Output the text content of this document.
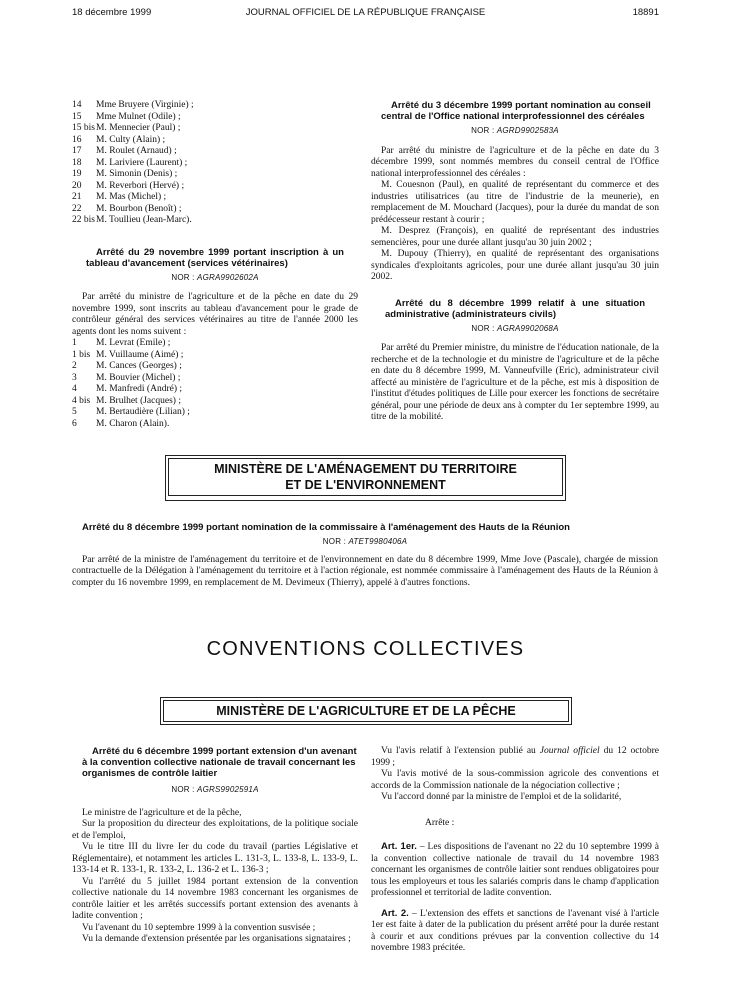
18 décembre 1999	JOURNAL OFFICIEL DE LA RÉPUBLIQUE FRANÇAISE	18891
14 Mme Bruyere (Virginie) ;
15 Mme Mulnet (Odile) ;
15 bisM. Mennecier (Paul) ;
16 M. Culty (Alain) ;
17 M. Roulet (Arnaud) ;
18 M. Lariviere (Laurent) ;
19 M. Simonin (Denis) ;
20 M. Reverbori (Hervé) ;
21 M. Mas (Michel) ;
22 M. Bourbon (Benoît) ;
22 bisM. Toullieu (Jean-Marc).

Arrêté du 29 novembre 1999 portant inscription à un tableau d'avancement (services vétérinaires)

NOR : AGRA9902602A

Par arrêté du ministre de l'agriculture et de la pêche en date du 29 novembre 1999, sont inscrits au tableau d'avancement pour le grade de contrôleur général des services vétérinaires au titre de l'année 2000 les agents dont les noms suivent :

1 M. Levrat (Emile) ;
1 bis M. Vuillaume (Aimé) ;
2 M. Cances (Georges) ;
3 M. Bouvier (Michel) ;
4 M. Manfredi (André) ;
4 bis M. Brulhet (Jacques) ;
5 M. Bertaudière (Lilian) ;
6 M. Charon (Alain).

Arrêté du 3 décembre 1999 portant nomination au conseil central de l'Office national interprofessionnel des céréales

NOR : AGRD9902583A

Par arrêté du ministre de l'agriculture et de la pêche en date du 3 décembre 1999, sont nommés membres du conseil central de l'Office national interprofessionnel des céréales :

M. Couesnon (Paul), en qualité de représentant du commerce et des industries utilisatrices (au titre de l'industrie de la meunerie), en remplacement de M. Mouchard (Jacques), pour la durée du mandat de son prédécesseur restant à courir ;

M. Desprez (François), en qualité de représentant des industries semencières, pour une durée allant jusqu'au 30 juin 2002 ;

M. Dupouy (Thierry), en qualité de représentant des organisations syndicales d'exploitants agricoles, pour une durée allant jusqu'au 30 juin 2002.

Arrêté du 8 décembre 1999 relatif à une situation administrative (administrateurs civils)

NOR : AGRA9902068A

Par arrêté du Premier ministre, du ministre de l'éducation nationale, de la recherche et de la technologie et du ministre de l'agriculture et de la pêche en date du 8 décembre 1999, M. Vanneufville (Eric), administrateur civil affecté au ministère de l'agriculture et de la pêche, est mis à disposition de l'institut d'études politiques de Lille pour exercer les fonctions de secrétaire général, pour une période de deux ans à compter du 1er septembre 1999, au titre de la mobilité.

MINISTÈRE DE L'AMÉNAGEMENT DU TERRITOIRE
ET DE L'ENVIRONNEMENT

Arrêté du 8 décembre 1999 portant nomination de la commissaire à l'aménagement des Hauts de la Réunion

NOR : ATET9980406A

Par arrêté de la ministre de l'aménagement du territoire et de l'environnement en date du 8 décembre 1999, Mme Jove (Pascale), chargée de mission contractuelle de la Délégation à l'aménagement du territoire et à l'action régionale, est nommée commissaire à l'aménagement des Hauts de la Réunion à compter du 16 novembre 1999, en remplacement de M. Devimeux (Thierry), appelé à d'autres fonctions.

CONVENTIONS COLLECTIVES
MINISTÈRE DE L'AGRICULTURE ET DE LA PÊCHE

Arrêté du 6 décembre 1999 portant extension d'un avenant à la convention collective nationale de travail concernant les organismes de contrôle laitier

NOR : AGRS9902591A

Le ministre de l'agriculture et de la pêche,

Sur la proposition du directeur des exploitations, de la politique sociale et de l'emploi,

Vu le titre III du livre Ier du code du travail (parties Législative et Réglementaire), et notamment les articles L. 131-3, L. 133-8, L. 133-9, L. 133-14 et R. 133-1, R. 133-2, L. 136-2 et L. 136-3 ;

Vu l'arrêté du 5 juillet 1984 portant extension de la convention collective nationale du 14 novembre 1983 concernant les organismes de contrôle laitier et les arrêtés successifs portant extension des avenants à ladite convention ;

Vu l'avenant du 10 septembre 1999 à la convention susvisée ;

Vu la demande d'extension présentée par les organisations signataires ;

Vu l'avis relatif à l'extension publié au Journal officiel du 12 octobre 1999 ;

Vu l'avis motivé de la sous-commission agricole des conventions et accords de la Commission nationale de la négociation collective ;

Vu l'accord donné par la ministre de l'emploi et de la solidarité,

Arrête :

Art. 1er. – Les dispositions de l'avenant no 22 du 10 septembre 1999 à la convention collective nationale de travail du 14 novembre 1983 concernant les organismes de contrôle laitier sont rendues obligatoires pour tous les employeurs et tous les salariés compris dans le champ d'application professionnel et territorial de ladite convention.

Art. 2. – L'extension des effets et sanctions de l'avenant visé à l'article 1er est faite à dater de la publication du présent arrêté pour la durée restant à courir et aux conditions prévues par la convention collective du 14 novembre 1983 précitée.
